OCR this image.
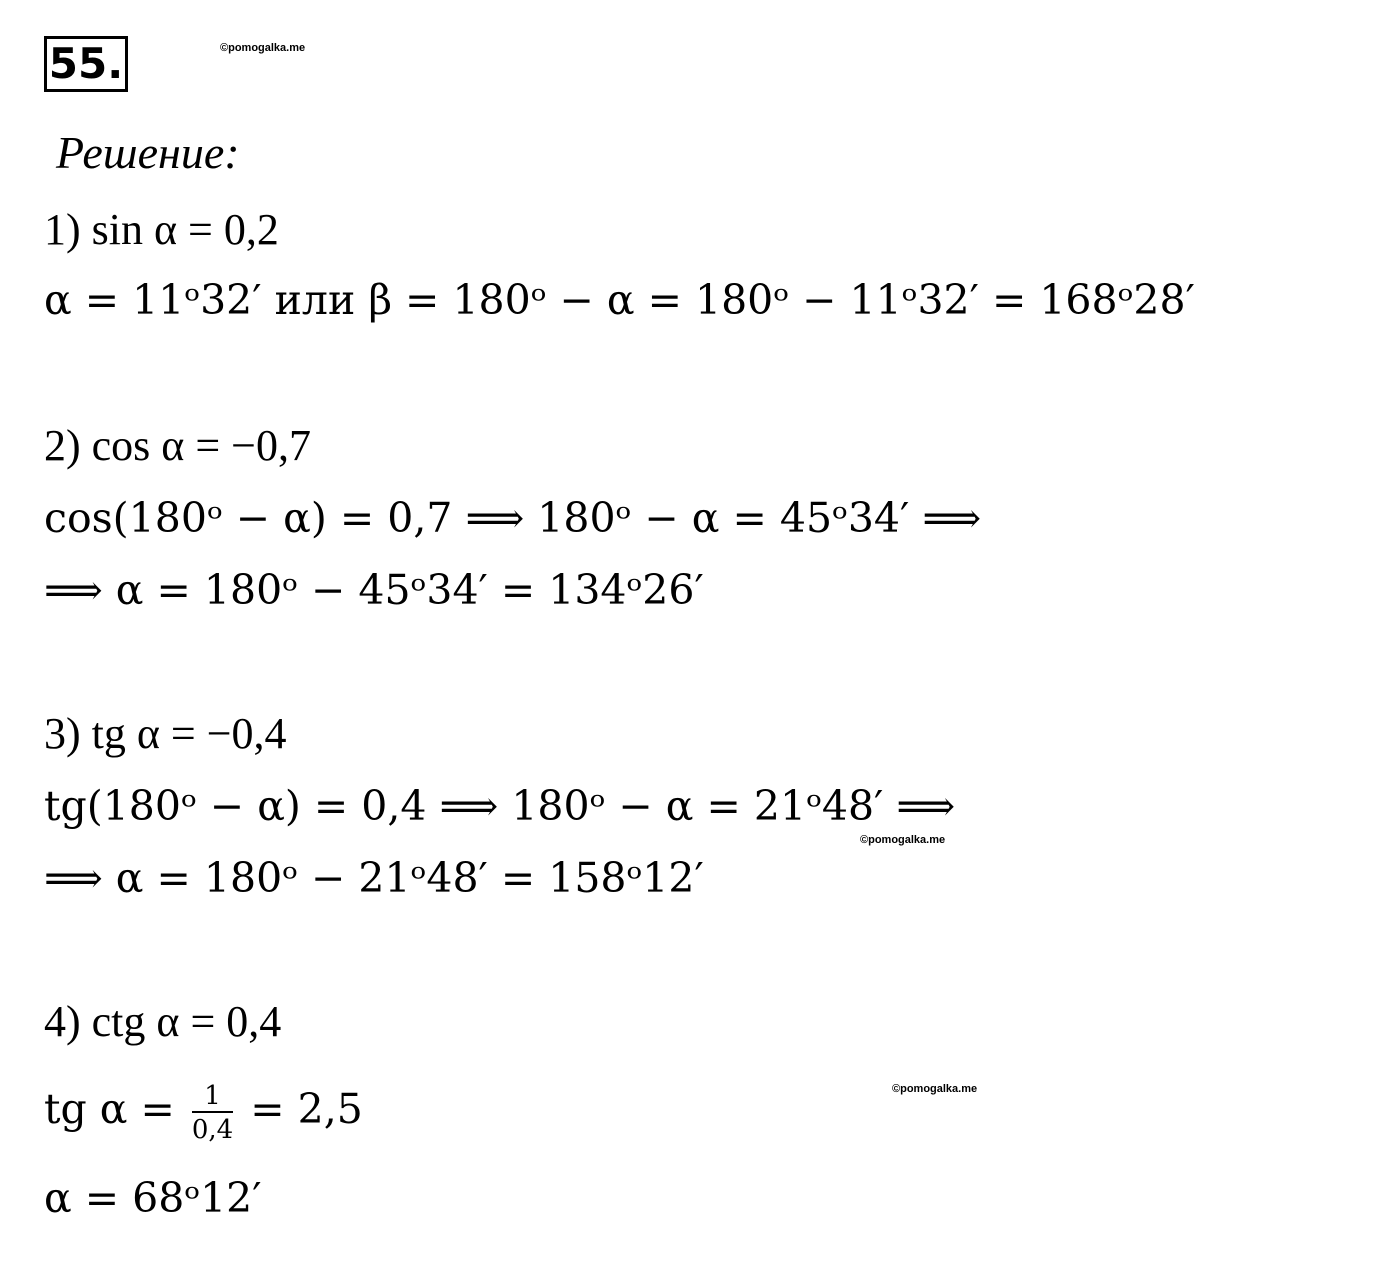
55.	©pomogalka.me
©pomogalka.me
©pomogalka.me
Решение:
1) sin α = 0,2
α = 11ᵒ32′ или β = 180ᵒ − α = 180ᵒ − 11ᵒ32′ = 168ᵒ28′
2) cos α = −0,7
cos(180ᵒ − α) = 0,7 ⟹ 180ᵒ − α = 45ᵒ34′ ⟹
⟹ α = 180ᵒ − 45ᵒ34′ = 134ᵒ26′
3) tg α = −0,4
tg(180ᵒ − α) = 0,4 ⟹ 180ᵒ − α = 21ᵒ48′ ⟹
⟹ α = 180ᵒ − 21ᵒ48′ = 158ᵒ12′
4) ctg α = 0,4
tg $\alpha = \frac{1}{0,4} = 2,5$
α = 68ᵒ12′
